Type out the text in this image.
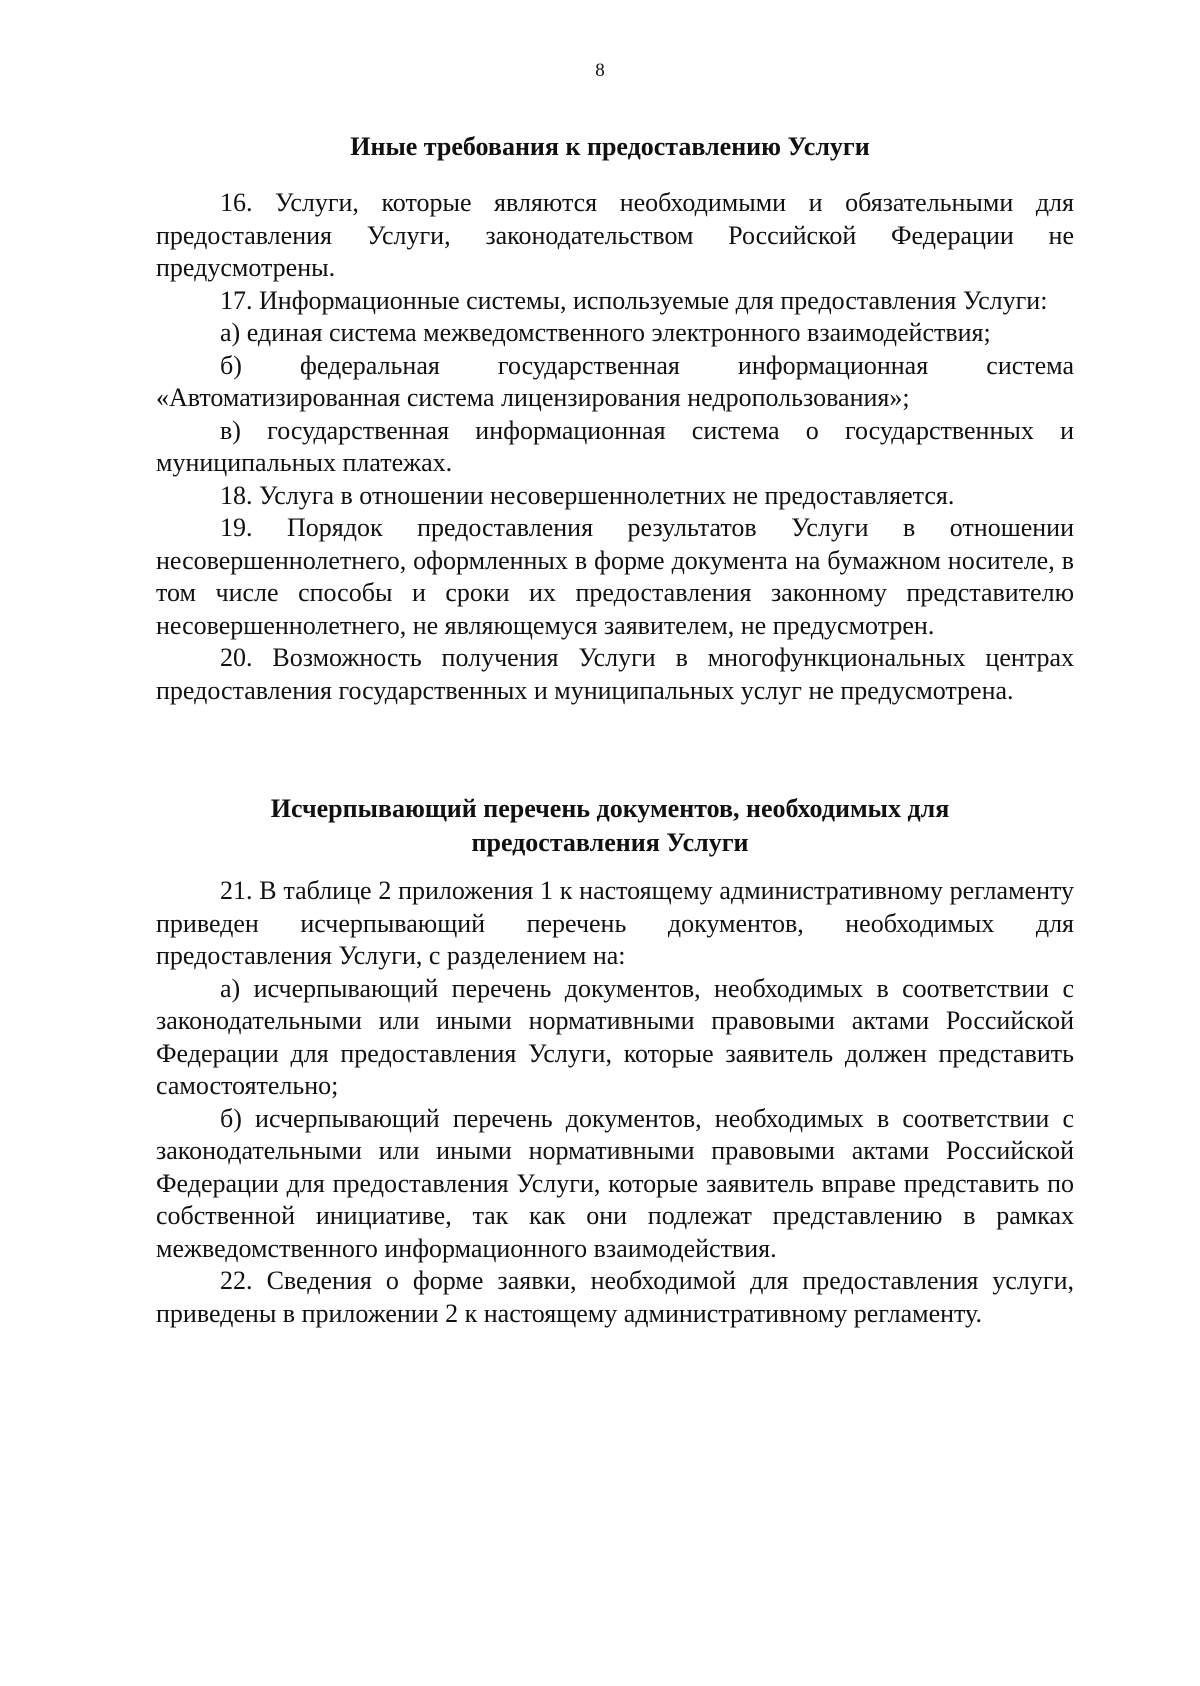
8
Иные требования к предоставлению Услуги

16. Услуги, которые являются необходимыми и обязательными для предоставления Услуги, законодательством Российской Федерации не предусмотрены.

17. Информационные системы, используемые для предоставления Услуги:

а) единая система межведомственного электронного взаимодействия;

б) федеральная государственная информационная система «Автоматизированная система лицензирования недропользования»;

в) государственная информационная система о государственных и муниципальных платежах.

18. Услуга в отношении несовершеннолетних не предоставляется.

19. Порядок предоставления результатов Услуги в отношении несовершеннолетнего, оформленных в форме документа на бумажном носителе, в том числе способы и сроки их предоставления законному представителю несовершеннолетнего, не являющемуся заявителем, не предусмотрен.

20. Возможность получения Услуги в многофункциональных центрах предоставления государственных и муниципальных услуг не предусмотрена.

Исчерпывающий перечень документов, необходимых для
предоставления Услуги

21. В таблице 2 приложения 1 к настоящему административному регламенту приведен исчерпывающий перечень документов, необходимых для предоставления Услуги, с разделением на:

а) исчерпывающий перечень документов, необходимых в соответствии с законодательными или иными нормативными правовыми актами Российской Федерации для предоставления Услуги, которые заявитель должен представить самостоятельно;

б) исчерпывающий перечень документов, необходимых в соответствии с законодательными или иными нормативными правовыми актами Российской Федерации для предоставления Услуги, которые заявитель вправе представить по собственной инициативе, так как они подлежат представлению в рамках межведомственного информационного взаимодействия.

22. Сведения о форме заявки, необходимой для предоставления услуги, приведены в приложении 2 к настоящему административному регламенту.
